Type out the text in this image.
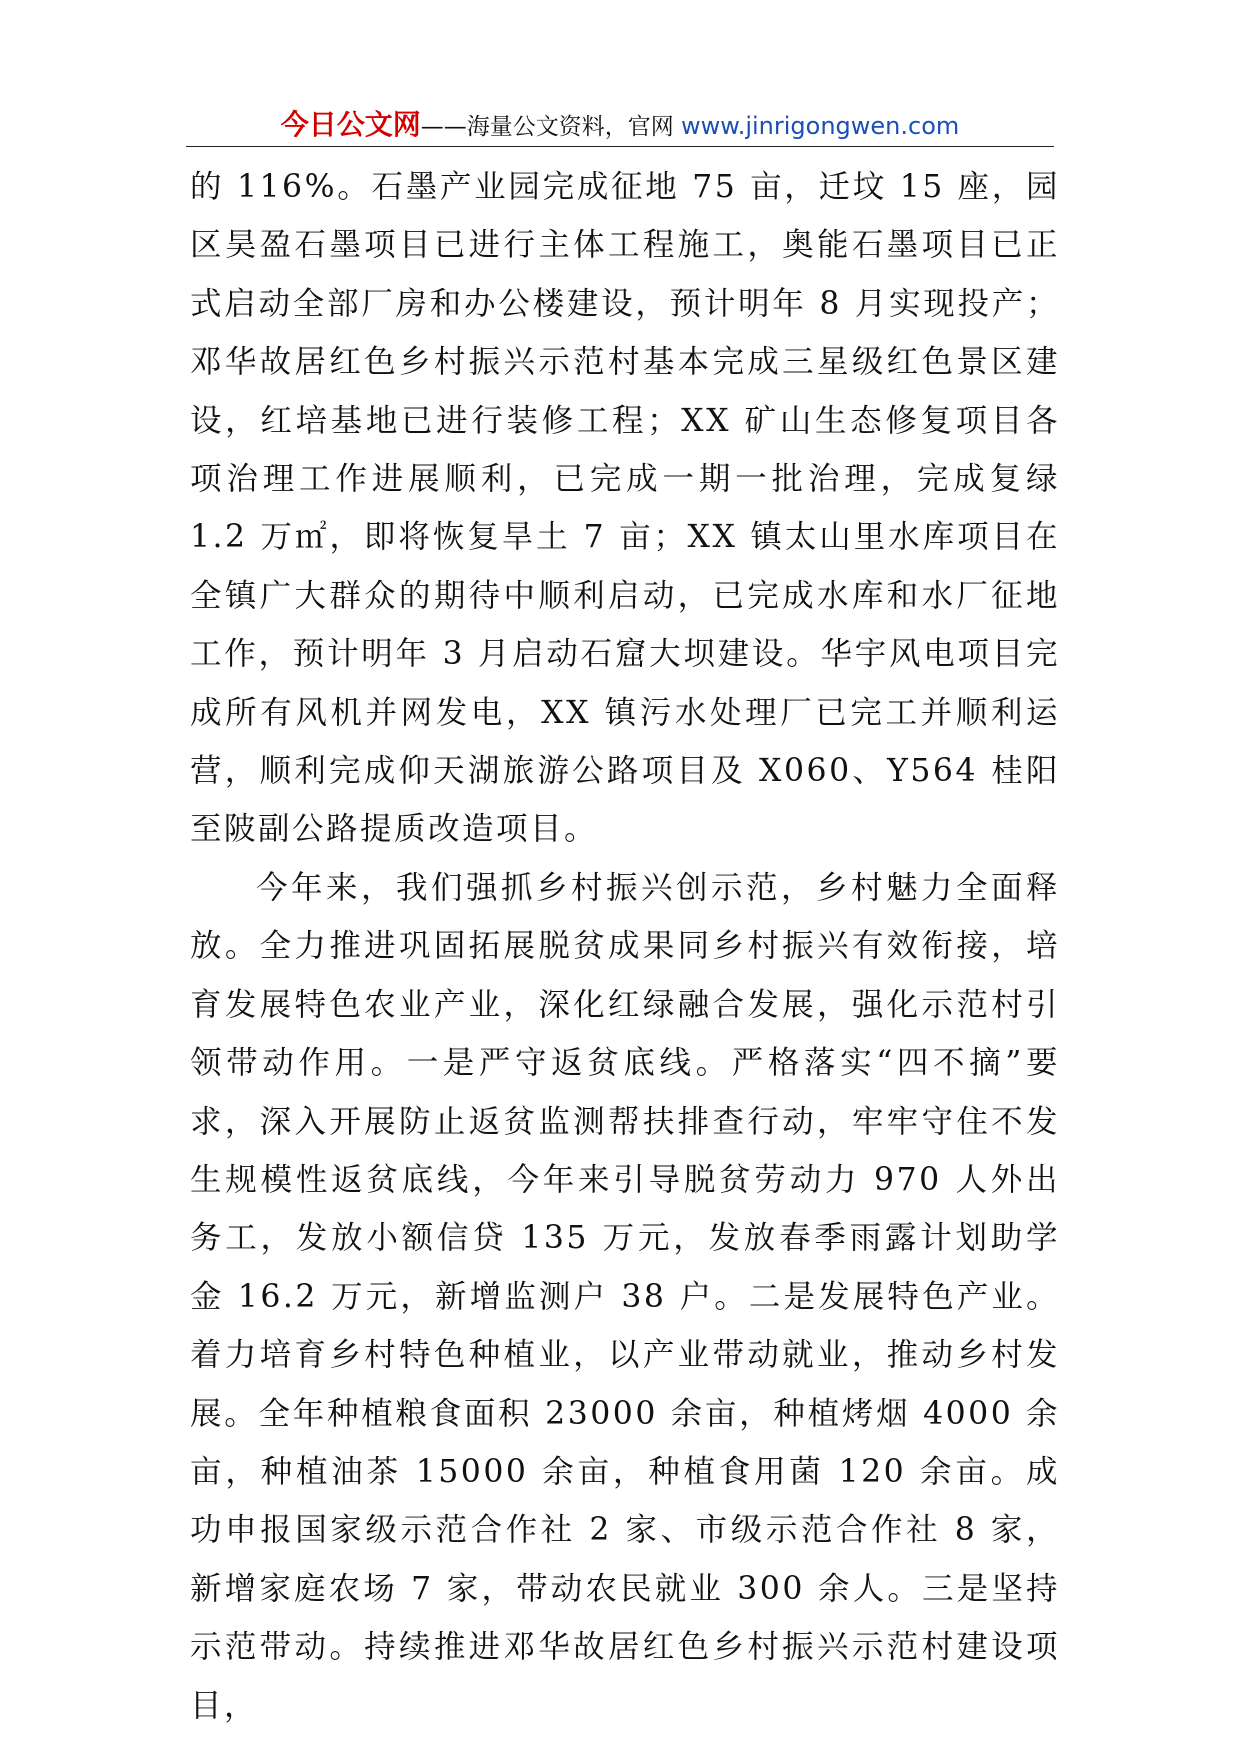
今日公文网——海量公文资料，官网 www.jinrigongwen.com

的 116%。石墨产业园完成征地 75 亩，迁坟 15 座，园区昊盈石墨项目已进行主体工程施工，奥能石墨项目已正式启动全部厂房和办公楼建设，预计明年 8 月实现投产；邓华故居红色乡村振兴示范村基本完成三星级红色景区建设，红培基地已进行装修工程；XX 矿山生态修复项目各项治理工作进展顺利，已完成一期一批治理，完成复绿 1.2 万㎡，即将恢复旱土 7 亩；XX 镇太山里水库项目在全镇广大群众的期待中顺利启动，已完成水库和水厂征地工作，预计明年 3 月启动石窟大坝建设。华宇风电项目完成所有风机并网发电，XX 镇污水处理厂已完工并顺利运营，顺利完成仰天湖旅游公路项目及 X060、Y564 桂阳至陂副公路提质改造项目。

今年来，我们强抓乡村振兴创示范，乡村魅力全面释放。全力推进巩固拓展脱贫成果同乡村振兴有效衔接，培育发展特色农业产业，深化红绿融合发展，强化示范村引领带动作用。一是严守返贫底线。严格落实“四不摘”要求，深入开展防止返贫监测帮扶排查行动，牢牢守住不发生规模性返贫底线，今年来引导脱贫劳动力 970 人外出务工，发放小额信贷 135 万元，发放春季雨露计划助学金 16.2 万元，新增监测户 38 户。二是发展特色产业。着力培育乡村特色种植业，以产业带动就业，推动乡村发展。全年种植粮食面积 23000 余亩，种植烤烟 4000 余亩，种植油茶 15000 余亩，种植食用菌 120 余亩。成功申报国家级示范合作社 2 家、市级示范合作社 8 家，新增家庭农场 7 家，带动农民就业 300 余人。三是坚持示范带动。持续推进邓华故居红色乡村振兴示范村建设项目，
